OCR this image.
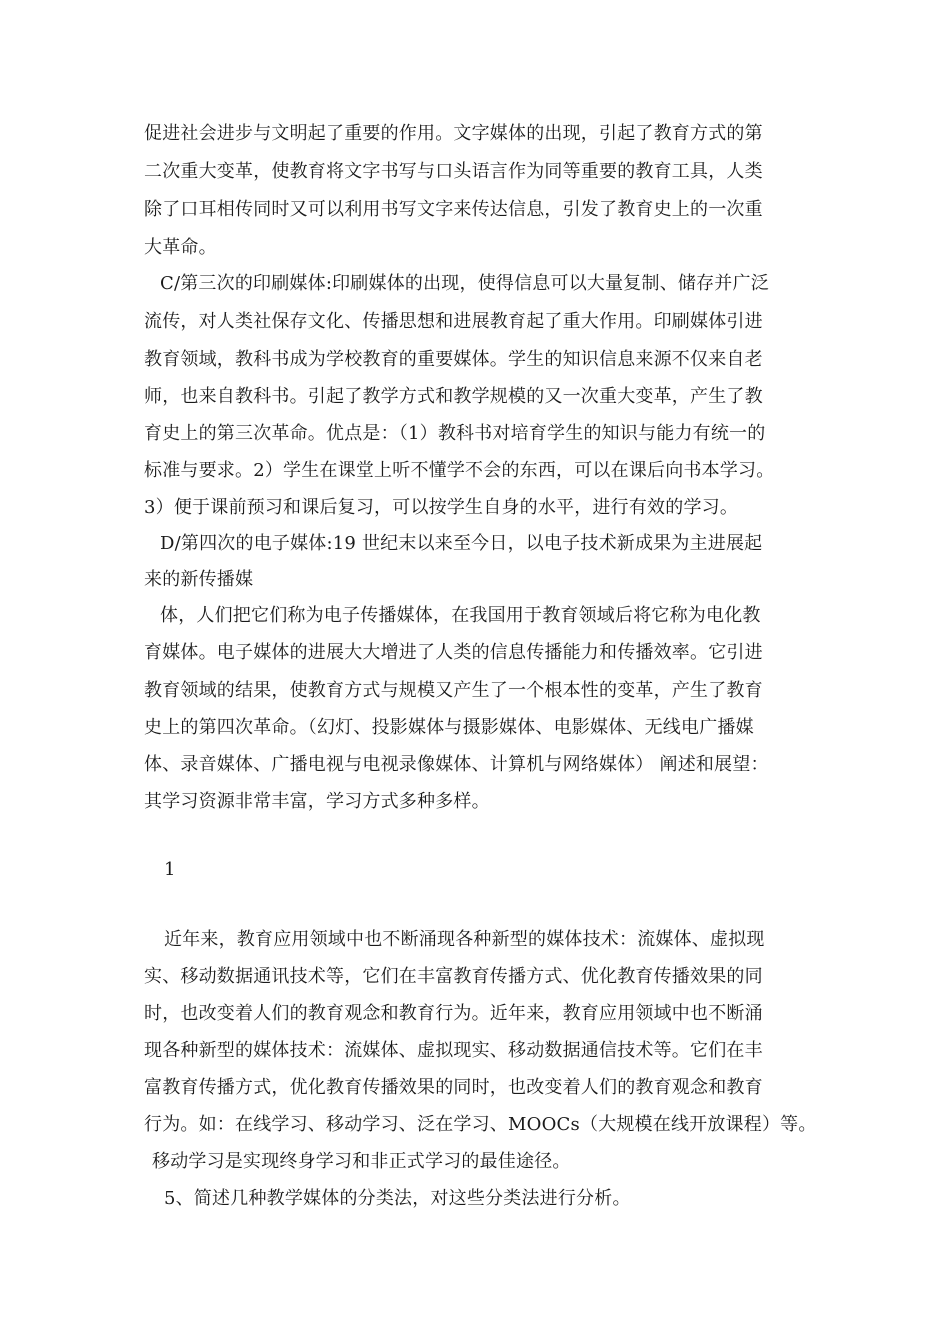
促进社会进步与文明起了重要的作用。文字媒体的出现，引起了教育方式的第
二次重大变革，使教育将文字书写与口头语言作为同等重要的教育工具，人类
除了口耳相传同时又可以利用书写文字来传达信息，引发了教育史上的一次重
大革命。
C/第三次的印刷媒体:印刷媒体的出现，使得信息可以大量复制、储存并广泛
流传，对人类社保存文化、传播思想和进展教育起了重大作用。印刷媒体引进
教育领域，教科书成为学校教育的重要媒体。学生的知识信息来源不仅来自老
师，也来自教科书。引起了教学方式和教学规模的又一次重大变革，产生了教
育史上的第三次革命。优点是：（1）教科书对培育学生的知识与能力有统一的
标准与要求。2）学生在课堂上听不懂学不会的东西，可以在课后向书本学习。
3）便于课前预习和课后复习，可以按学生自身的水平，进行有效的学习。
D/第四次的电子媒体:19 世纪末以来至今日，以电子技术新成果为主进展起
来的新传播媒
体，人们把它们称为电子传播媒体，在我国用于教育领域后将它称为电化教
育媒体。电子媒体的进展大大增进了人类的信息传播能力和传播效率。它引进
教育领域的结果，使教育方式与规模又产生了一个根本性的变革，产生了教育
史上的第四次革命。（幻灯、投影媒体与摄影媒体、电影媒体、无线电广播媒
体、录音媒体、广播电视与电视录像媒体、计算机与网络媒体） 阐述和展望：
其学习资源非常丰富，学习方式多种多样。
1
近年来，教育应用领域中也不断涌现各种新型的媒体技术：流媒体、虚拟现
实、移动数据通讯技术等，它们在丰富教育传播方式、优化教育传播效果的同
时，也改变着人们的教育观念和教育行为。近年来，教育应用领域中也不断涌
现各种新型的媒体技术：流媒体、虚拟现实、移动数据通信技术等。它们在丰
富教育传播方式，优化教育传播效果的同时，也改变着人们的教育观念和教育
行为。如：在线学习、移动学习、泛在学习、MOOCs（大规模在线开放课程）等。
移动学习是实现终身学习和非正式学习的最佳途径。
5、简述几种教学媒体的分类法，对这些分类法进行分析。
